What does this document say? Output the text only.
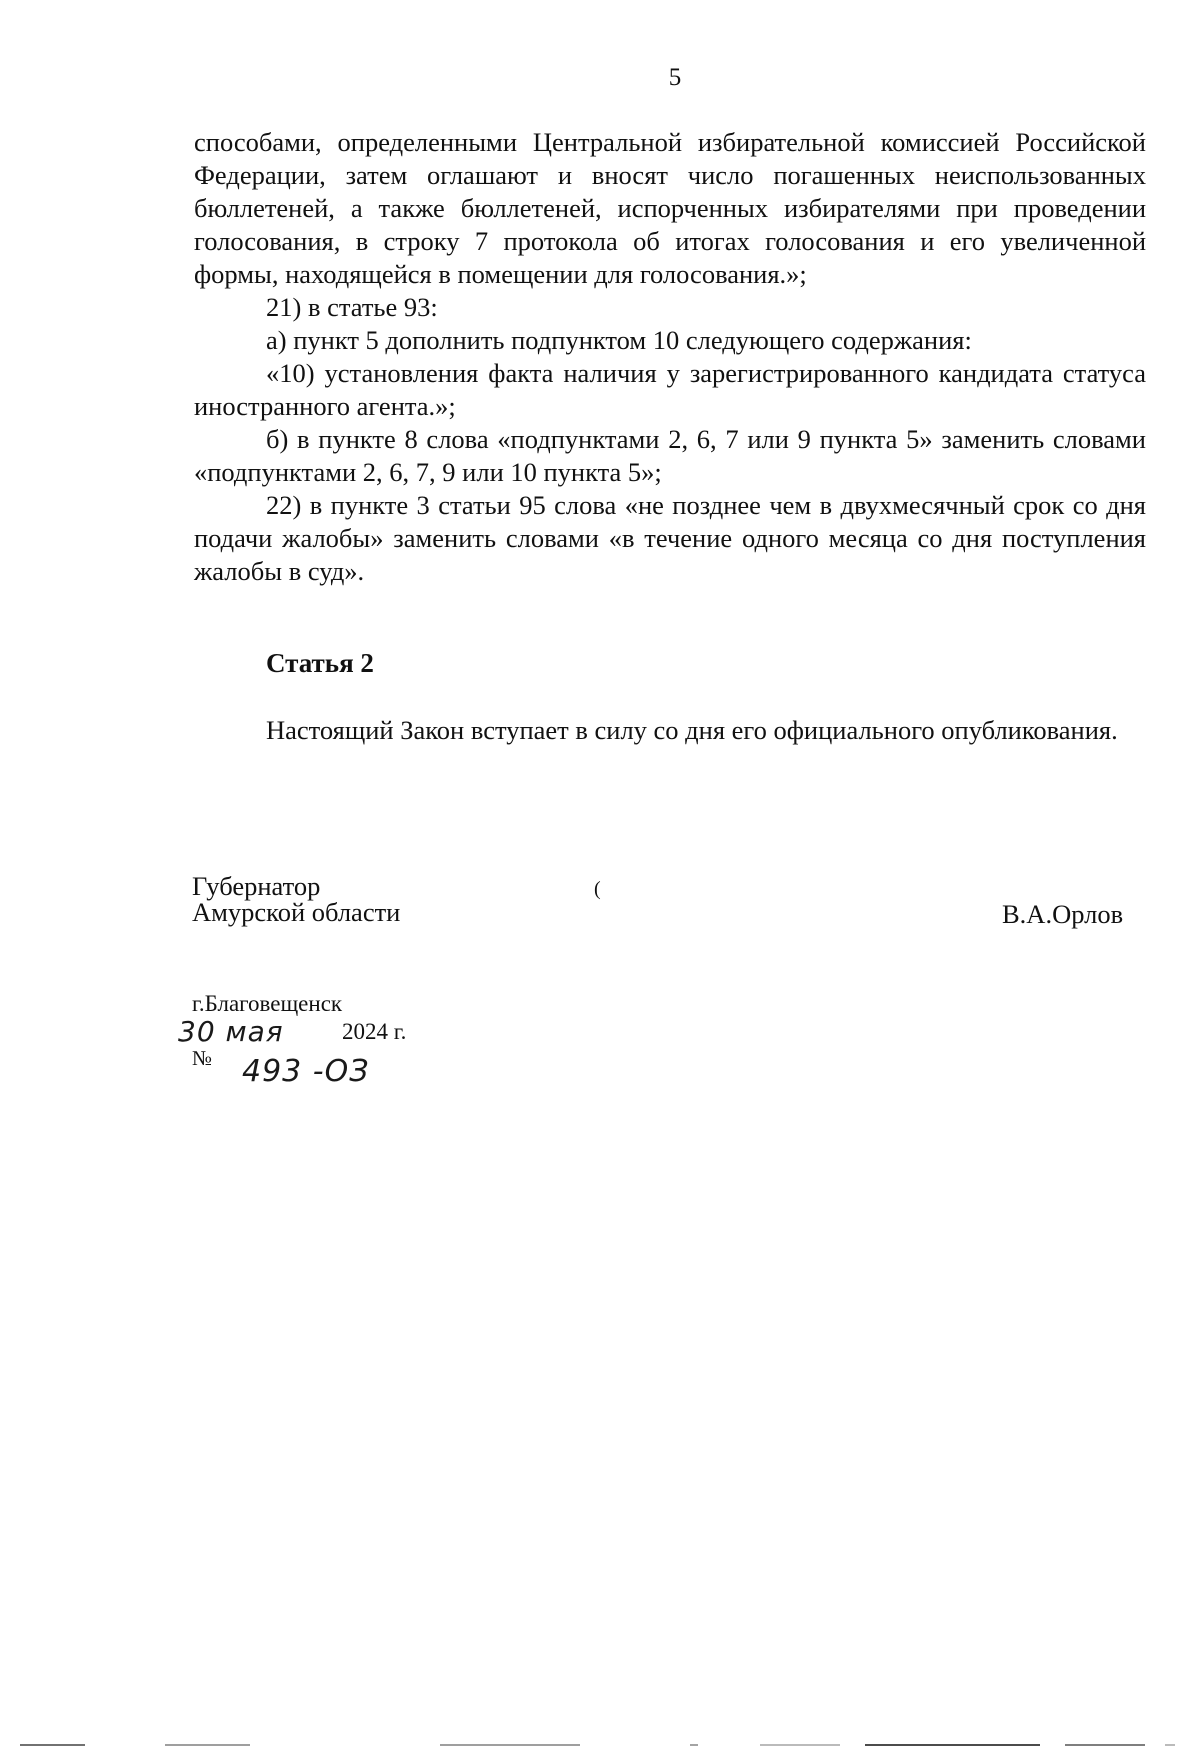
5

способами, определенными Центральной избирательной комиссией Российской Федерации, затем оглашают и вносят число погашенных неиспользованных бюллетеней, а также бюллетеней, испорченных избирателями при проведении голосования, в строку 7 протокола об итогах голосования и его увеличенной формы, находящейся в помещении для голосования.»;

21) в статье 93:

а) пункт 5 дополнить подпунктом 10 следующего содержания:

«10) установления факта наличия у зарегистрированного кандидата статуса иностранного агента.»;

б) в пункте 8 слова «подпунктами 2, 6, 7 или 9 пункта 5» заменить словами «подпунктами 2, 6, 7, 9 или 10 пункта 5»;

22) в пункте 3 статьи 95 слова «не позднее чем в двухмесячный срок со дня подачи жалобы» заменить словами «в течение одного месяца со дня поступления жалобы в суд».

Статья 2

Настоящий Закон вступает в силу со дня его официального опубликования.

Губернатор
Амурской области
(
В.А.Орлов
г.Благовещенск
30 мая	2024 г.
№ 493 -ОЗ
